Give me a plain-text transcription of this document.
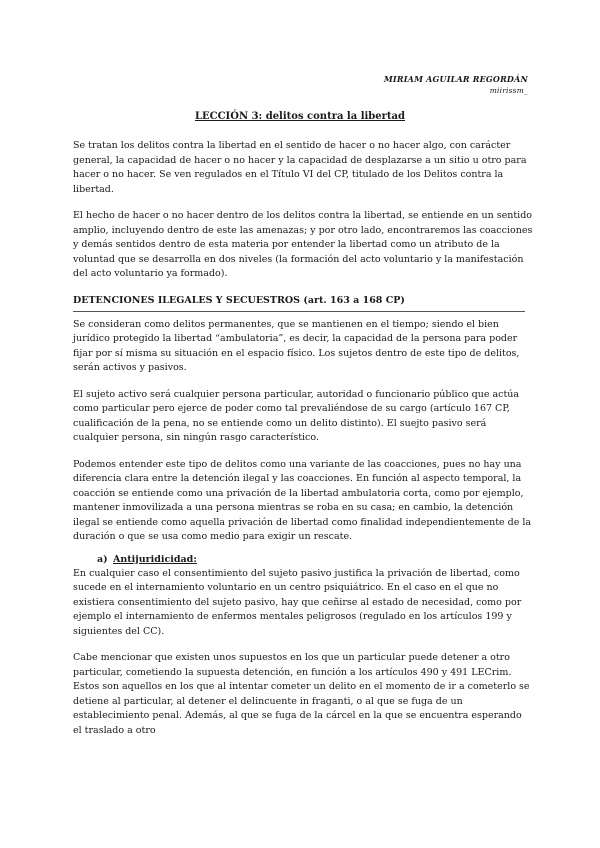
MIRIAM AGUILAR REGORDÁN
miirissm_
LECCIÓN 3: delitos contra la libertad

Se tratan los delitos contra la libertad en el sentido de hacer o no hacer algo, con carácter general, la capacidad de hacer o no hacer y la capacidad de desplazarse a un sitio u otro para hacer o no hacer. Se ven regulados en el Título VI del CP, titulado de los Delitos contra la libertad.

El hecho de hacer o no hacer dentro de los delitos contra la libertad, se entiende en un sentido amplio, incluyendo dentro de este las amenazas; y por otro lado, encontraremos las coacciones y demás sentidos dentro de esta materia por entender la libertad como un atributo de la voluntad que se desarrolla en dos niveles (la formación del acto voluntario y la manifestación del acto voluntario ya formado).

DETENCIONES ILEGALES Y SECUESTROS (art. 163 a 168 CP)

Se consideran como delitos permanentes, que se mantienen en el tiempo; siendo el bien jurídico protegido la libertad “ambulatoria”, es decir, la capacidad de la persona para poder fijar por sí misma su situación en el espacio físico. Los sujetos dentro de este tipo de delitos, serán activos y pasivos.

El sujeto activo será cualquier persona particular, autoridad o funcionario público que actúa como particular pero ejerce de poder como tal prevaliéndose de su cargo (artículo 167 CP, cualificación de la pena, no se entiende como un delito distinto). El suejto pasivo será cualquier persona, sin ningún rasgo característico.

Podemos entender este tipo de delitos como una variante de las coacciones, pues no hay una diferencia clara entre la detención ilegal y las coacciones. En función al aspecto temporal, la coacción se entiende como una privación de la libertad ambulatoria corta, como por ejemplo, mantener inmovilizada a una persona mientras se roba en su casa; en cambio, la detención ilegal se entiende como aquella privación de libertad como finalidad independientemente de la duración o que se usa como medio para exigir un rescate.

a) Antijuridicidad:

En cualquier caso el consentimiento del sujeto pasivo justifica la privación de libertad, como sucede en el internamiento voluntario en un centro psiquiátrico. En el caso en el que no existiera consentimiento del sujeto pasivo, hay que ceñirse al estado de necesidad, como por ejemplo el internamiento de enfermos mentales peligrosos (regulado en los artículos 199 y siguientes del CC).

Cabe mencionar que existen unos supuestos en los que un particular puede detener a otro particular, cometiendo la supuesta detención, en función a los artículos 490 y 491 LECrim. Estos son aquellos en los que al intentar cometer un delito en el momento de ir a cometerlo se detiene al particular, al detener el delincuente in fraganti, o al que se fuga de un establecimiento penal. Además, al que se fuga de la cárcel en la que se encuentra esperando el traslado a otro
